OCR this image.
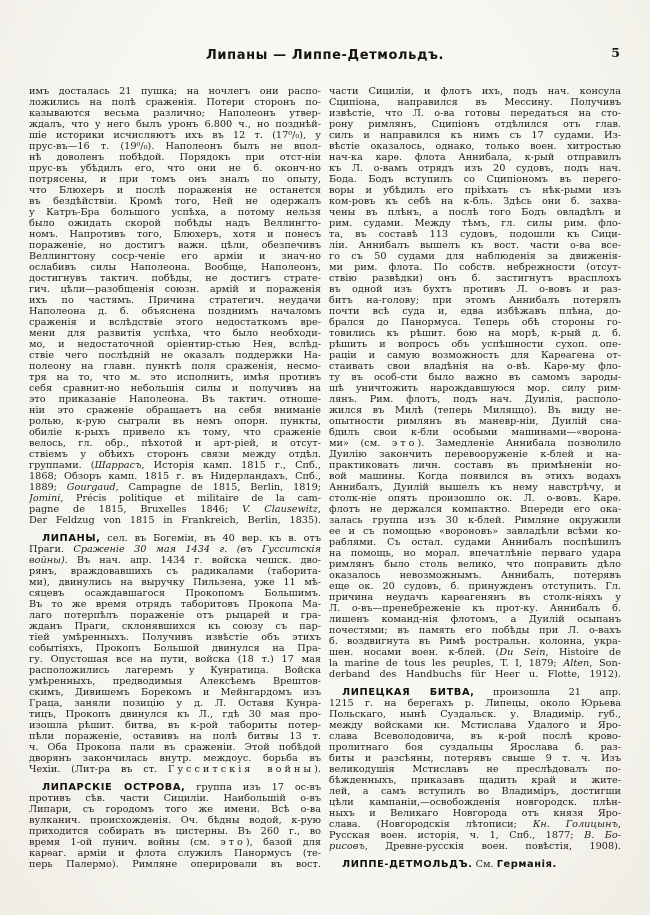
Липаны — Липпе-Детмольдъ.	5
имъ досталась 21 пушка; на ночлегъ они распо-
ложились на полѣ сраженія. Потери сторонъ по-
казываются весьма различно; Наполеонъ утвер-
ждалъ, что у него былъ уронъ 6.800 ч., но позднѣй-
шіе историки исчисляютъ ихъ въ 12 т. (17⁰/₀), у
прус-въ—16 т. (19⁰/₀). Наполеонъ былъ не впол-
нѣ доволенъ побѣдой. Порядокъ при отст-ніи
прус-въ убѣдилъ его, что они не б. оконч-но
потрясены, и при томъ онъ зналъ по опыту,
что Блюхеръ и послѣ пораженія не останется
въ бездѣйствіи. Кромѣ того, Ней не одержалъ
у Катръ-Бра большого успѣха, а потому нельзя
было ожидать скорой побѣды надъ Веллингто-
номъ. Напротивъ того, Блюхеръ, хотя и понесъ
пораженіе, но достигъ важн. цѣли, обезпечивъ
Веллингтону соср-ченіе его арміи и знач-но
ослабивъ силы Наполеона. Вообще, Наполеонъ,
достигнувъ тактич. побѣды, не достигъ страте-
гич. цѣли—разобщенія союзн. армій и пораженія
ихъ по частямъ. Причина стратегич. неудачи
Наполеона д. б. объяснена позднимъ началомъ
сраженія и вслѣдствіе этого недостаткомъ вре-
мени для развитія успѣха, что было необходи-
мо, и недостаточной оріентир-стью Нея, вслѣд-
ствіе чего послѣдній не оказалъ поддержки На-
полеону на главн. пунктѣ поля сраженія, несмо-
тря на то, что м. это исполнить, имѣя противъ
себя сравнит-но небольшія силы и получивъ на
это приказаніе Наполеона. Въ тактич. отноше-
ніи это сраженіе обращаетъ на себя вниманіе
ролью, к-рую сыграли въ немъ опорн. пункты,
обиліе к-рыхъ привело къ тому, что сраженіе
велось, гл. обр., пѣхотой и арт-ріей, и отсут-
ствіемъ у обѣихъ сторонъ связи между отдѣл.
группами. (Шаррасъ, Исторія камп. 1815 г., Спб.,
1868; Обзоръ камп. 1815 г. въ Нидерландахъ, Спб.,
1889; Gourgaud, Campagne de 1815, Berlin, 1819;
Jomini, Précis politique et militaire de la cam-
pagne de 1815, Bruxelles 1846; V. Clausewitz,
Der Feldzug von 1815 in Frankreich, Berlin, 1835).
ЛИПАНЫ, сел. въ Богеміи, въ 40 вер. къ в. отъ
Праги. Сраженіе 30 мая 1434 г. (въ Гусситскія
войны). Въ нач. апр. 1434 г. войска чешск. дво-
рянъ, враждовавшихъ съ радикалами (таборита-
ми), двинулись на выручку Пильзена, уже 11 мѣ-
сяцевъ осаждавшагося Прокопомъ Большимъ.
Въ то же время отрядъ таборитовъ Прокопа Ма-
лаго потерпѣлъ пораженіе отъ рыцарей и гра-
жданъ Праги, склонявшихся къ союзу съ пар-
тіей умѣренныхъ. Получивъ извѣстіе объ этихъ
событіяхъ, Прокопъ Большой двинулся на Пра-
гу. Опустошая все на пути, войска (18 т.) 17 мая
расположились лагеремъ у Кунратица. Войска
умѣренныхъ, предводимыя Алексѣемъ Врештов-
скимъ, Дивишемъ Борекомъ и Мейнгардомъ изъ
Граца, заняли позицію у д. Л. Оставя Кунра-
тицъ, Прокопъ двинулся къ Л., гдѣ 30 мая про-
изошла рѣшит. битва, въ к-рой табориты потер-
пѣли пораженіе, оставивъ на полѣ битвы 13 т.
ч. Оба Прокопа пали въ сраженіи. Этой побѣдой
дворянъ закончилась внутр. междоус. борьба въ
Чехіи. (Лит-ра въ ст. Гусситскія войны).
ЛИПАРСКІЕ ОСТРОВА, группа изъ 17 ос-въ
противъ сѣв. части Сициліи. Наибольшій о-въ
Липари, съ городомъ того же имени. Всѣ о-ва
вулканич. происхожденія. Оч. бѣдны водой, к-рую
приходится собирать въ цистерны. Въ 260 г., во
время 1-ой пунич. войны (см. это), базой для
карѳаг. арміи и флота служилъ Панормусъ (те-
перь Палермо). Римляне оперировали въ вост.
части Сициліи, и флотъ ихъ, подъ нач. консула
Сципіона, направился въ Мессину. Получивъ
извѣстіе, что Л. о-ва готовы передаться на сто-
рону римлянъ, Сципіонъ отдѣлился отъ глав.
силъ и направился къ нимъ съ 17 судами. Из-
вѣстіе оказалось, однако, только воен. хитростью
нач-ка карѳ. флота Аннибала, к-рый отправилъ
къ Л. о-вамъ отрядъ изъ 20 судовъ, подъ нач.
Бода. Бодъ вступилъ со Сципіономъ въ перего-
воры и убѣдилъ его пріѣхать съ нѣк-рыми изъ
ком-ровъ къ себѣ на к-бль. Здѣсь они б. захва-
чены въ плѣнъ, а послѣ того Бодъ овладѣлъ и
рим. судами. Между тѣмъ, гл. силы рим. фло-
та, въ составѣ 113 судовъ, подошли къ Сици-
ліи. Аннибалъ вышелъ къ вост. части о-ва все-
го съ 50 судами для наблюденія за движенія-
ми рим. флота. По собств. небрежности (отсут-
ствію развѣдки) онъ б. застигнутъ врасплохъ
въ одной изъ бухтъ противъ Л. о-вовъ и раз-
битъ на-голову; при этомъ Аннибалъ потерялъ
почти всѣ суда и, едва избѣжавъ плѣна, до-
брался до Панормуса. Теперь обѣ стороны го-
товились къ рѣшит. бою на морѣ, к-рый д. б.
рѣшить и вопросъ объ успѣшности сухоп. опе-
раціи и самую возможность для Карѳагена от-
стаивать свои владѣнія на о-вѣ. Карѳ-му фло-
ту въ особ-сти было важно въ самомъ зароды-
шѣ уничтожить нарождавшуюся мор. силу рим-
лянъ. Рим. флотъ, подъ нач. Дуилія, располо-
жился въ Милѣ (теперь Миляццо). Въ виду не-
опытности римлянъ въ маневр-ніи, Дуилій сна-
бдилъ свои к-бли особыми машинами—«ворона-
ми» (см. это). Замедленіе Аннибала позволило
Дуилію закончить перевооруженіе к-блей и на-
практиковать личн. составъ въ примѣненіи но-
вой машины. Когда появился въ этихъ водахъ
Аннибалъ, Дуилій вышелъ къ нему навстрѣчу, и
столк-ніе опять произошло ок. Л. о-вовъ. Карѳ.
флотъ не держался компактно. Впереди его ока-
залась группа изъ 30 к-блей. Римляне окружили
ее и съ помощью «вороновъ» завладѣли всѣми ко-
раблями. Съ остал. судами Аннибалъ поспѣшилъ
на помощь, но морал. впечатлѣніе перваго удара
римлянъ было столь велико, что поправить дѣло
оказалось невозможнымъ. Аннибалъ, потерявъ
еще ок. 20 судовъ, б. принужденъ отступить. Гл.
причина неудачъ карѳагенянъ въ столк-ніяхъ у
Л. о-въ—пренебреженіе къ прот-ку. Аннибалъ б.
лишенъ команд-нія флотомъ, а Дуилій осыпанъ
почестями; въ память его побѣды при Л. о-вахъ
б. воздвигнута въ Римѣ ростральн. колонна, укра-
шен. носами воен. к-блей. (Du Sein, Histoire de
la marine de tous les peuples, T. I, 1879; Alten, Son-
derband des Handbuchs für Heer u. Flotte, 1912).
ЛИПЕЦКАЯ БИТВА, произошла 21 апр.
1215 г. на берегахъ р. Липецы, около Юрьева
Польскаго, нынѣ Суздальск. у. Владимір. губ.,
между войсками кн. Мстислава Удалого и Яро-
слава Всеволодовича, въ к-рой послѣ крово-
пролитнаго боя суздальцы Ярослава б. раз-
биты и разсѣяны, потерявъ свыше 9 т. ч. Изъ
великодушія Мстиславъ не преслѣдовалъ по-
бѣжденныхъ, приказавъ щадить край и жите-
лей, а самъ вступилъ во Владиміръ, достигши
цѣли кампаніи,—освобожденія новгородск. плѣн-
ныхъ и Великаго Новгорода отъ князя Яро-
слава. (Новгородскія лѣтописи; Кн. Голицынъ,
Русская воен. исторія, ч. 1, Спб., 1877; В. Бо-
рисовъ, Древне-русскія воен. повѣстія, 1908).
ЛИППЕ-ДЕТМОЛЬДЪ. См. Германія.
